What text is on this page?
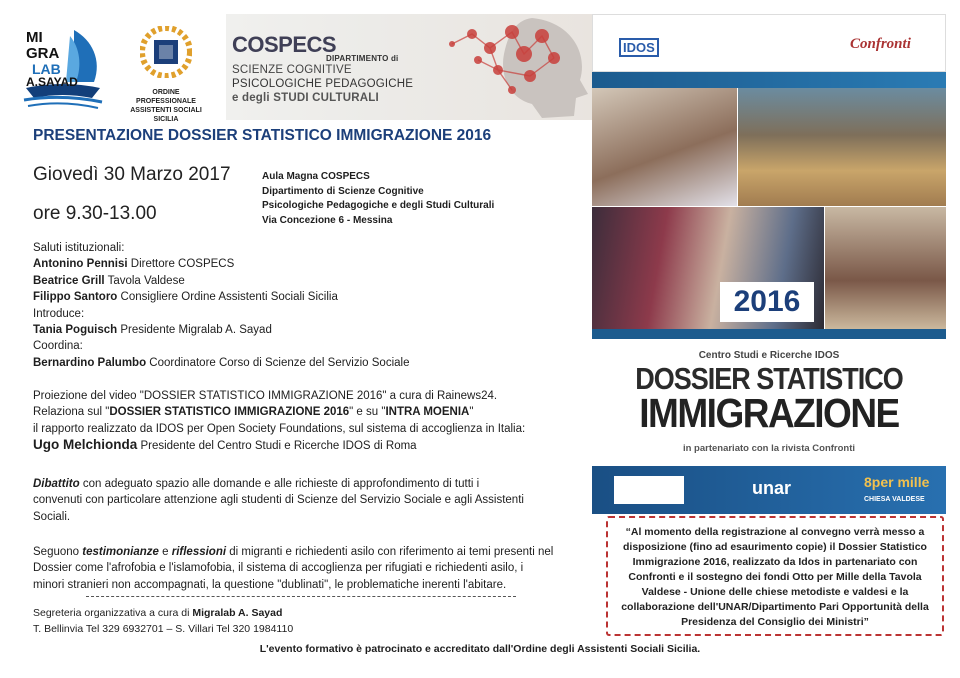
MI
GRA
LAB
A.SAYAD
ORDINE PROFESSIONALE ASSISTENTI SOCIALI SICILIA
COSPECS
DIPARTIMENTO di
SCIENZE COGNITIVE
PSICOLOGICHE PEDAGOGICHE
e degli STUDI CULTURALI
PRESENTAZIONE DOSSIER STATISTICO IMMIGRAZIONE 2016
Giovedì 30 Marzo 2017
ore 9.30-13.00
Aula Magna COSPECS
Dipartimento di Scienze Cognitive
Psicologiche Pedagogiche e degli Studi Culturali
Via Concezione 6 - Messina
Saluti istituzionali:
Antonino Pennisi Direttore COSPECS
Beatrice Grill Tavola Valdese
Filippo Santoro Consigliere Ordine Assistenti Sociali Sicilia
Introduce:
Tania Poguisch Presidente Migralab A. Sayad
Coordina:
Bernardino Palumbo Coordinatore Corso di Scienze del Servizio Sociale
Proiezione del video "DOSSIER STATISTICO IMMIGRAZIONE 2016" a cura di Rainews24.
Relaziona sul "DOSSIER STATISTICO IMMIGRAZIONE 2016" e su "INTRA MOENIA"
il rapporto realizzato da IDOS per Open Society Foundations, sul sistema di accoglienza in Italia:
Ugo Melchionda Presidente del Centro Studi e Ricerche IDOS di Roma
Dibattito con adeguato spazio alle domande e alle richieste di approfondimento di tutti i
convenuti con particolare attenzione agli studenti di Scienze del Servizio Sociale e agli Assistenti
Sociali.
Seguono testimonianze e riflessioni di migranti e richiedenti asilo con riferimento ai temi presenti nel
Dossier come l'afrofobia e l'islamofobia, il sistema di accoglienza per rifugiati e richiedenti asilo, i
minori stranieri non accompagnati, la questione "dublinati", le problematiche inerenti l'abitare.
Segreteria organizzativa a cura di Migralab A. Sayad
T. Bellinvia Tel 329 6932701 – S. Villari Tel 320 1984110
L'evento formativo è patrocinato e accreditato dall'Ordine degli Assistenti Sociali Sicilia.
IDOS	Confronti
2016
Centro Studi e Ricerche IDOS
DOSSIER STATISTICO
IMMIGRAZIONE
in partenariato con la rivista Confronti
unar	8per mille
CHIESA VALDESE
“Al momento della registrazione al convegno verrà messo a disposizione (fino ad esaurimento copie) il Dossier Statistico Immigrazione 2016, realizzato da Idos in partenariato con Confronti e il sostegno dei fondi Otto per Mille della Tavola Valdese - Unione delle chiese metodiste e valdesi e la collaborazione dell'UNAR/Dipartimento Pari Opportunità della Presidenza del Consiglio dei Ministri”
